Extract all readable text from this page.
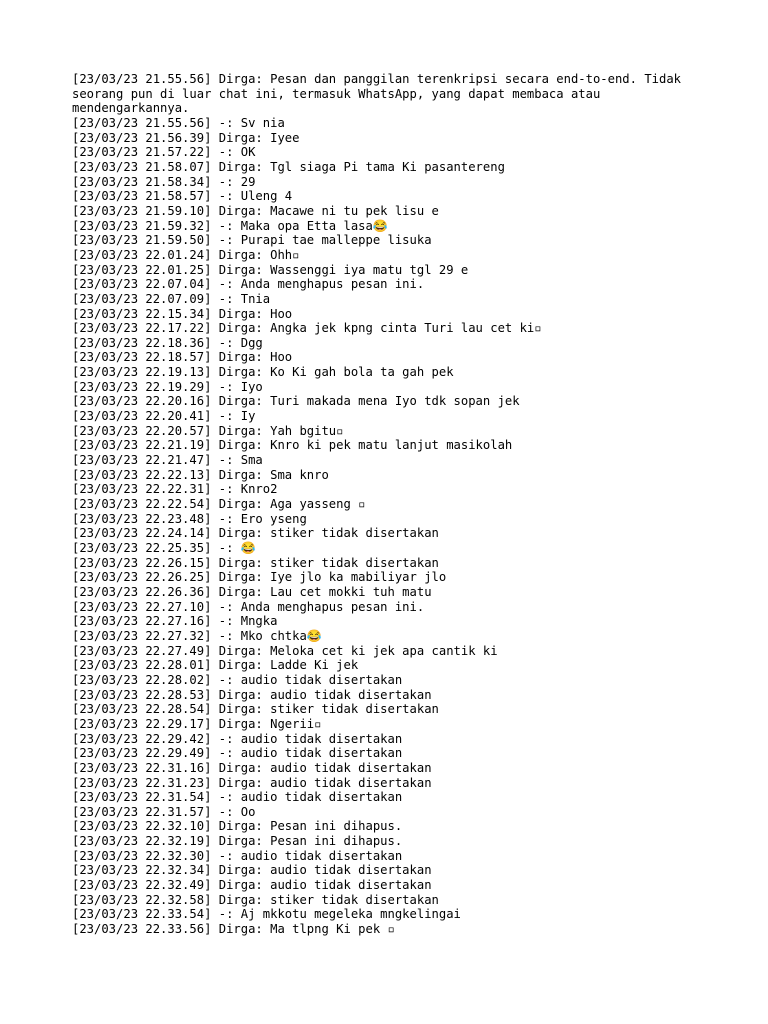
[23/03/23 21.55.56] Dirga: Pesan dan panggilan terenkripsi secara end-to-end. Tidak seorang pun di luar chat ini, termasuk WhatsApp, yang dapat membaca atau mendengarkannya.
[23/03/23 21.55.56] -: Sv nia
[23/03/23 21.56.39] Dirga: Iyee
[23/03/23 21.57.22] -: OK
[23/03/23 21.58.07] Dirga: Tgl siaga Pi tama Ki pasantereng
[23/03/23 21.58.34] -: 29
[23/03/23 21.58.57] -: Uleng 4
[23/03/23 21.59.10] Dirga: Macawe ni tu pek lisu e
[23/03/23 21.59.32] -: Maka opa Etta lasa😂
[23/03/23 21.59.50] -: Purapi tae malleppe lisuka
[23/03/23 22.01.24] Dirga: Ohh▫
[23/03/23 22.01.25] Dirga: Wassenggi iya matu tgl 29 e
[23/03/23 22.07.04] -: Anda menghapus pesan ini.
[23/03/23 22.07.09] -: Tnia
[23/03/23 22.15.34] Dirga: Hoo
[23/03/23 22.17.22] Dirga: Angka jek kpng cinta Turi lau cet ki▫
[23/03/23 22.18.36] -: Dgg
[23/03/23 22.18.57] Dirga: Hoo
[23/03/23 22.19.13] Dirga: Ko Ki gah bola ta gah pek
[23/03/23 22.19.29] -: Iyo
[23/03/23 22.20.16] Dirga: Turi makada mena Iyo tdk sopan jek
[23/03/23 22.20.41] -: Iy
[23/03/23 22.20.57] Dirga: Yah bgitu▫
[23/03/23 22.21.19] Dirga: Knro ki pek matu lanjut masikolah
[23/03/23 22.21.47] -: Sma
[23/03/23 22.22.13] Dirga: Sma knro
[23/03/23 22.22.31] -: Knro2
[23/03/23 22.22.54] Dirga: Aga yasseng ▫
[23/03/23 22.23.48] -: Ero yseng
[23/03/23 22.24.14] Dirga: stiker tidak disertakan
[23/03/23 22.25.35] -: 😂
[23/03/23 22.26.15] Dirga: stiker tidak disertakan
[23/03/23 22.26.25] Dirga: Iye jlo ka mabiliyar jlo
[23/03/23 22.26.36] Dirga: Lau cet mokki tuh matu
[23/03/23 22.27.10] -: Anda menghapus pesan ini.
[23/03/23 22.27.16] -: Mngka
[23/03/23 22.27.32] -: Mko chtka😂
[23/03/23 22.27.49] Dirga: Meloka cet ki jek apa cantik ki
[23/03/23 22.28.01] Dirga: Ladde Ki jek
[23/03/23 22.28.02] -: audio tidak disertakan
[23/03/23 22.28.53] Dirga: audio tidak disertakan
[23/03/23 22.28.54] Dirga: stiker tidak disertakan
[23/03/23 22.29.17] Dirga: Ngerii▫
[23/03/23 22.29.42] -: audio tidak disertakan
[23/03/23 22.29.49] -: audio tidak disertakan
[23/03/23 22.31.16] Dirga: audio tidak disertakan
[23/03/23 22.31.23] Dirga: audio tidak disertakan
[23/03/23 22.31.54] -: audio tidak disertakan
[23/03/23 22.31.57] -: Oo
[23/03/23 22.32.10] Dirga: Pesan ini dihapus.
[23/03/23 22.32.19] Dirga: Pesan ini dihapus.
[23/03/23 22.32.30] -: audio tidak disertakan
[23/03/23 22.32.34] Dirga: audio tidak disertakan
[23/03/23 22.32.49] Dirga: audio tidak disertakan
[23/03/23 22.32.58] Dirga: stiker tidak disertakan
[23/03/23 22.33.54] -: Aj mkkotu megeleka mngkelingai
[23/03/23 22.33.56] Dirga: Ma tlpng Ki pek ▫
